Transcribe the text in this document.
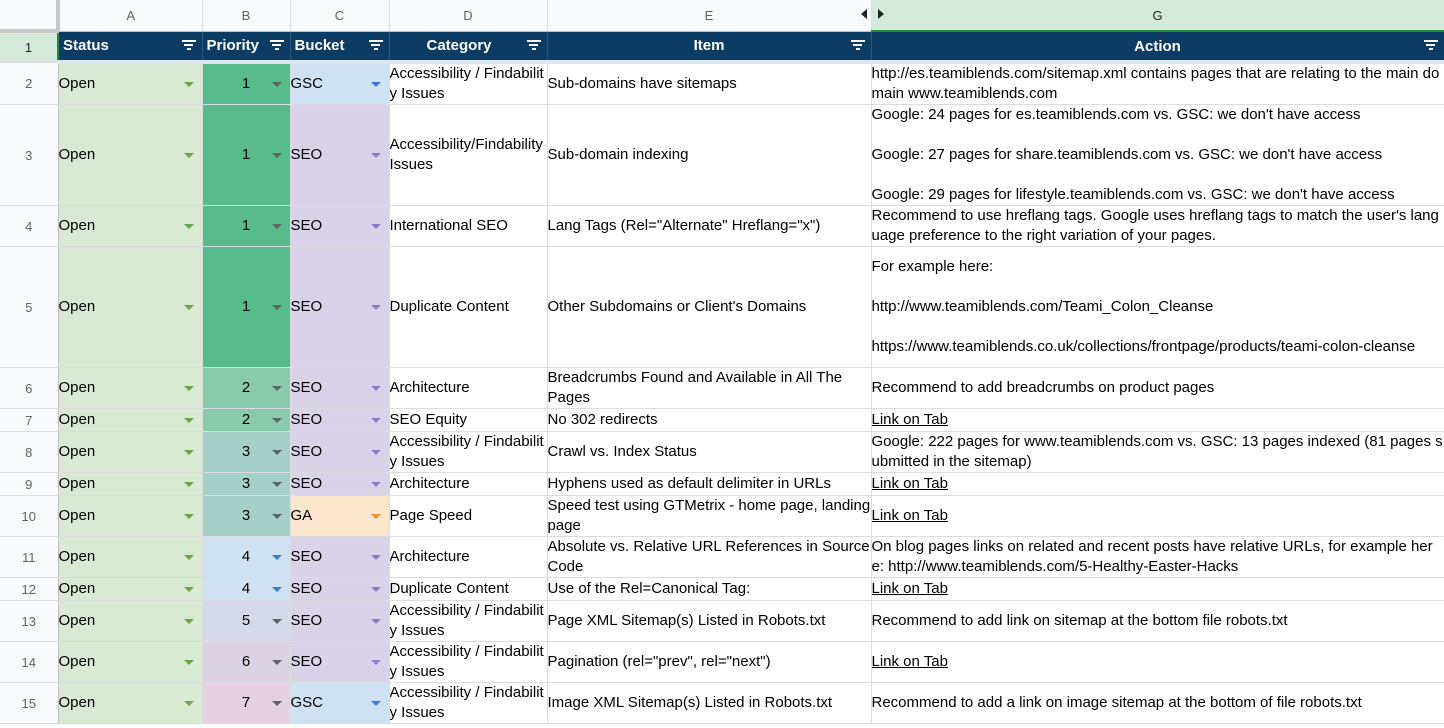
	A	B	C	D	E	G
1	Status	Priority	Bucket	Category	Item	Action

2	Open	1	GSC	Accessibility / Findability Issues	Sub-domains have sitemaps	http://es.teamiblends.com/sitemap.xml contains pages that are relating to the main domain www.teamiblends.com

3	Open	1	SEO	Accessibility/Findability Issues	Sub-domain indexing	Google: 24 pages for es.teamiblends.com vs. GSC: we don't have access
Google: 27 pages for share.teamiblends.com vs. GSC: we don't have access
Google: 29 pages for lifestyle.teamiblends.com vs. GSC: we don't have access

4	Open	1	SEO	International SEO	Lang Tags (Rel="Alternate" Hreflang="x")	Recommend to use hreflang tags. Google uses hreflang tags to match the user's language preference to the right variation of your pages.

5	Open	1	SEO	Duplicate Content	Other Subdomains or Client's Domains	For example here:
http://www.teamiblends.com/Teami_Colon_Cleanse
https://www.teamiblends.co.uk/collections/frontpage/products/teami-colon-cleanse

6	Open	2	SEO	Architecture	Breadcrumbs Found and Available in All The Pages	Recommend to add breadcrumbs on product pages

7	Open	2	SEO	SEO Equity	No 302 redirects	Link on Tab
8	Open	3	SEO	Accessibility / Findability Issues	Crawl vs. Index Status	Google: 222 pages for www.teamiblends.com vs. GSC: 13 pages indexed (81 pages submitted in the sitemap)

9	Open	3	SEO	Architecture	Hyphens used as default delimiter in URLs	Link on Tab
10	Open	3	GA	Page Speed	Speed test using GTMetrix - home page, landing page	Link on Tab
11	Open	4	SEO	Architecture	Absolute vs. Relative URL References in Source Code	On blog pages links on related and recent posts have relative URLs, for example here: http://www.teamiblends.com/5-Healthy-Easter-Hacks

12	Open	4	SEO	Duplicate Content	Use of the Rel=Canonical Tag:	Link on Tab
13	Open	5	SEO	Accessibility / Findability Issues	Page XML Sitemap(s) Listed in Robots.txt	Recommend to add link on sitemap at the bottom file robots.txt

14	Open	6	SEO	Accessibility / Findability Issues	Pagination (rel="prev", rel="next")	Link on Tab
15	Open	7	GSC	Accessibility / Findability Issues	Image XML Sitemap(s) Listed in Robots.txt	Recommend to add a link on image sitemap at the bottom of file robots.txt
